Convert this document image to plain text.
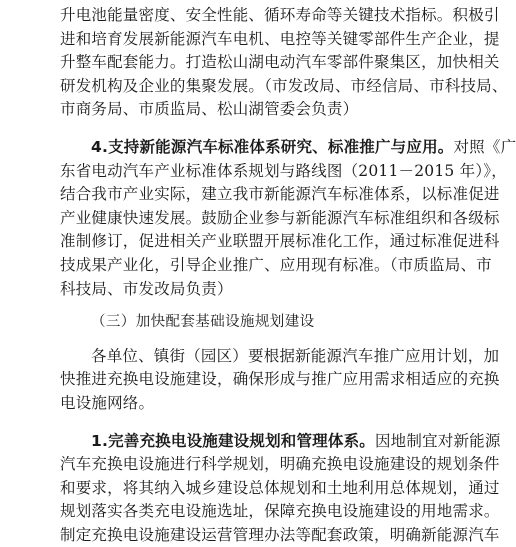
升电池能量密度、安全性能、循环寿命等关键技术指标。积极引
进和培育发展新能源汽车电机、电控等关键零部件生产企业，提
升整车配套能力。打造松山湖电动汽车零部件聚集区，加快相关
研发机构及企业的集聚发展。（市发改局、市经信局、市科技局、
市商务局、市质监局、松山湖管委会负责）
4.支持新能源汽车标准体系研究、标准推广与应用。对照《广
东省电动汽车产业标准体系规划与路线图（2011－2015 年）》，
结合我市产业实际，建立我市新能源汽车标准体系，以标准促进
产业健康快速发展。鼓励企业参与新能源汽车标准组织和各级标
准制修订，促进相关产业联盟开展标准化工作，通过标准促进科
技成果产业化，引导企业推广、应用现有标准。（市质监局、市
科技局、市发改局负责）
（三）加快配套基础设施规划建设
各单位、镇街（园区）要根据新能源汽车推广应用计划，加
快推进充换电设施建设，确保形成与推广应用需求相适应的充换
电设施网络。
1.完善充换电设施建设规划和管理体系。因地制宜对新能源
汽车充换电设施进行科学规划，明确充换电设施建设的规划条件
和要求，将其纳入城乡建设总体规划和土地利用总体规划，通过
规划落实各类充电设施选址，保障充换电设施建设的用地需求。
制定充换电设施建设运营管理办法等配套政策，明确新能源汽车
